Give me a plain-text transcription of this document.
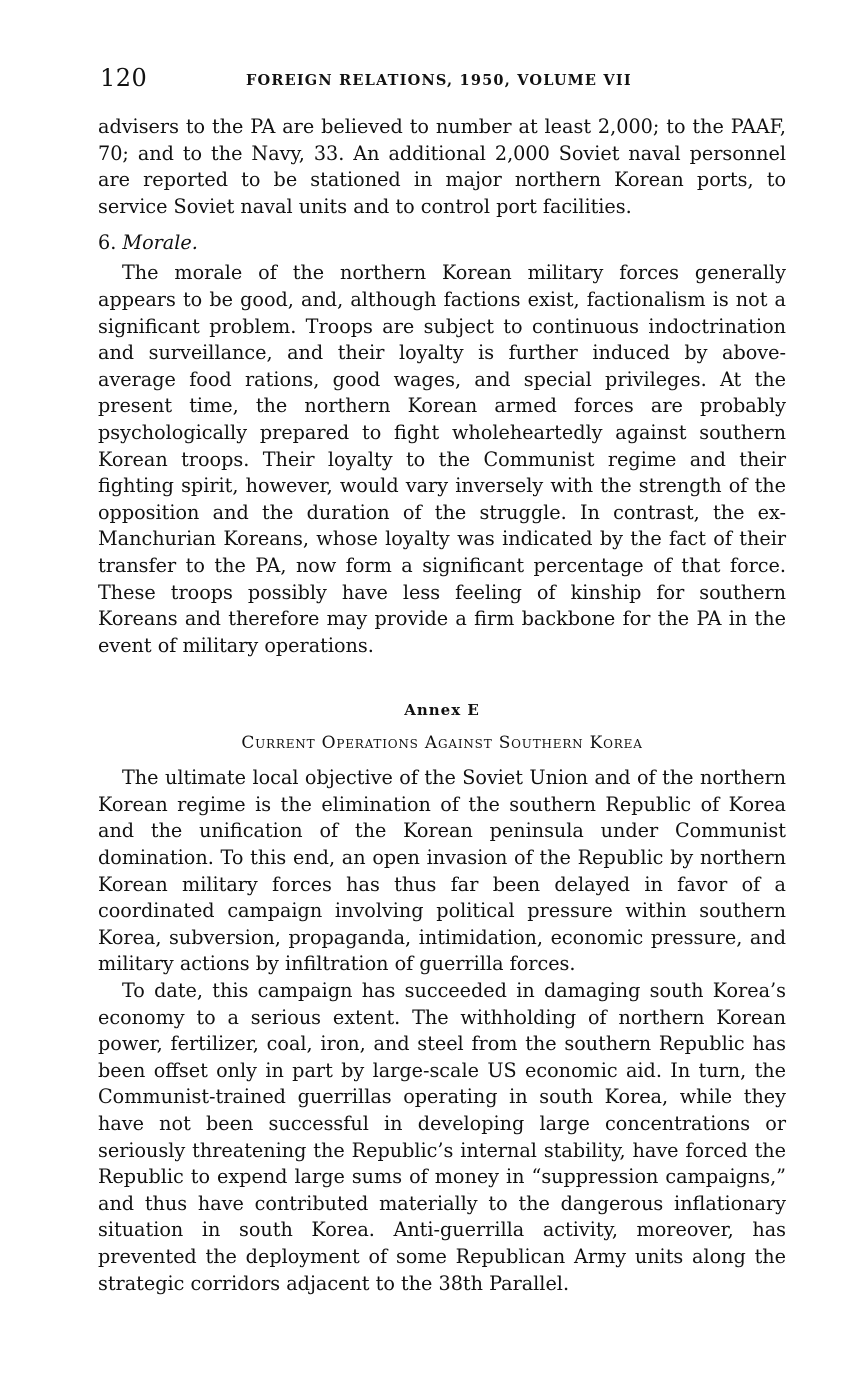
120	FOREIGN RELATIONS, 1950, VOLUME VII

advisers to the PA are believed to number at least 2,000; to the PAAF, 70; and to the Navy, 33. An additional 2,000 Soviet naval personnel are reported to be stationed in major northern Korean ports, to service Soviet naval units and to control port facilities.

6. Morale.

The morale of the northern Korean military forces generally appears to be good, and, although factions exist, factionalism is not a significant problem. Troops are subject to continuous indoctrination and surveillance, and their loyalty is further induced by above-average food rations, good wages, and special privileges. At the present time, the northern Korean armed forces are probably psychologically prepared to fight wholeheartedly against southern Korean troops. Their loyalty to the Communist regime and their fighting spirit, however, would vary inversely with the strength of the opposition and the duration of the struggle. In contrast, the ex-Manchurian Koreans, whose loyalty was indicated by the fact of their transfer to the PA, now form a significant percentage of that force. These troops possibly have less feeling of kinship for southern Koreans and therefore may provide a firm backbone for the PA in the event of military operations.

Annex E
Current Operations Against Southern Korea

The ultimate local objective of the Soviet Union and of the northern Korean regime is the elimination of the southern Republic of Korea and the unification of the Korean peninsula under Communist domination. To this end, an open invasion of the Republic by northern Korean military forces has thus far been delayed in favor of a coordinated campaign involving political pressure within southern Korea, subversion, propaganda, intimidation, economic pressure, and military actions by infiltration of guerrilla forces.

To date, this campaign has succeeded in damaging south Korea’s economy to a serious extent. The withholding of northern Korean power, fertilizer, coal, iron, and steel from the southern Republic has been offset only in part by large-scale US economic aid. In turn, the Communist-trained guerrillas operating in south Korea, while they have not been successful in developing large concentrations or seriously threatening the Republic’s internal stability, have forced the Republic to expend large sums of money in “suppression campaigns,” and thus have contributed materially to the dangerous inflationary situation in south Korea. Anti-guerrilla activity, moreover, has prevented the deployment of some Republican Army units along the strategic corridors adjacent to the 38th Parallel.
